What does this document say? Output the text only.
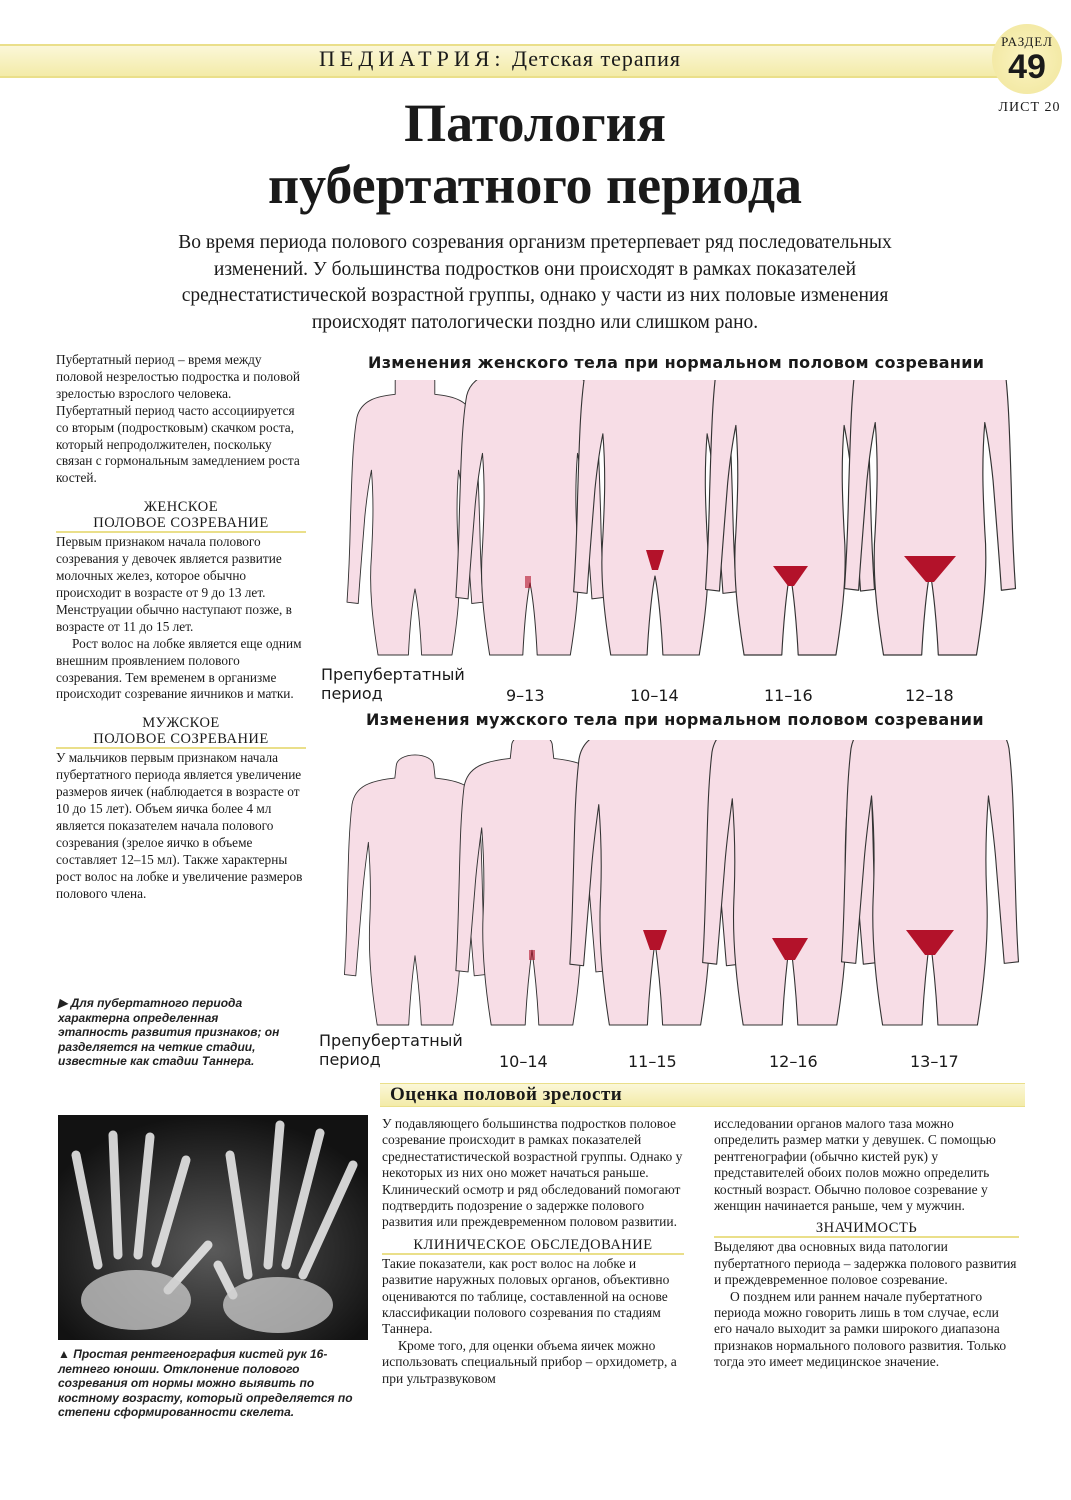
ПЕДИАТРИЯ: Детская терапия
РАЗДЕЛ
49
ЛИСТ 20
Патология
пубертатного периода
Во время периода полового созревания организм претерпевает ряд последовательных
изменений. У большинства подростков они происходят в рамках показателей
среднестатистической возрастной группы, однако у части из них половые изменения
происходят патологически поздно или слишком рано.

Пубертатный период – время между половой незрелостью подростка и половой зрелостью взрослого человека. Пубертатный период часто ассоциируется со вторым (подростковым) скачком роста, который непродолжителен, поскольку связан с гормональным замедлением роста костей.

ЖЕНСКОЕ

ПОЛОВОЕ СОЗРЕВАНИЕ

Первым признаком начала полового созревания у девочек является развитие молочных желез, которое обычно происходит в возрасте от 9 до 13 лет. Менструации обычно наступают позже, в возрасте от 11 до 15 лет.

Рост волос на лобке является еще одним внешним проявлением полового созревания. Тем временем в организме происходит созревание яичников и матки.

МУЖСКОЕ

ПОЛОВОЕ СОЗРЕВАНИЕ

У мальчиков первым признаком начала пубертатного периода является увеличение размеров яичек (наблюдается в возрасте от 10 до 15 лет). Объем яичка более 4 мл является показателем начала полового созревания (зрелое яичко в объеме составляет 12–15 мл). Также характерны рост волос на лобке и увеличение размеров полового члена.

▶ Для пубертатного периода характерна определенная этапность развития признаков; он разделяется на четкие стадии, известные как стадии Таннера.
Изменения женского тела при нормальном половом созревании
Препубертатный
период	9–13	10–14	11–16	12–18
Изменения мужского тела при нормальном половом созревании
Препубертатный
период	10–14	11–15	12–16	13–17
Оценка половой зрелости
▲ Простая рентгенография кистей рук 16-летнего юноши. Отклонение полового созревания от нормы можно выявить по костному возрасту, который определяется по степени сформированности скелета.

У подавляющего большинства подростков половое созревание происходит в рамках показателей среднестатистической возрастной группы. Однако у некоторых из них оно может начаться раньше. Клинический осмотр и ряд обследований помогают подтвердить подозрение о задержке полового развития или преждевременном половом развитии.

КЛИНИЧЕСКОЕ ОБСЛЕДОВАНИЕ

Такие показатели, как рост волос на лобке и развитие наружных половых органов, объективно оцениваются по таблице, составленной на основе классификации полового созревания по стадиям Таннера.

Кроме того, для оценки объема яичек можно использовать специальный прибор – орхидометр, а при ультразвуковом

исследовании органов малого таза можно определить размер матки у девушек. С помощью рентгенографии (обычно кистей рук) у представителей обоих полов можно определить костный возраст. Обычно половое созревание у женщин начинается раньше, чем у мужчин.

ЗНАЧИМОСТЬ

Выделяют два основных вида патологии пубертатного периода – задержка полового развития и преждевременное половое созревание.

О позднем или раннем начале пубертатного периода можно говорить лишь в том случае, если его начало выходит за рамки широкого диапазона признаков нормального полового развития. Только тогда это имеет медицинское значение.
